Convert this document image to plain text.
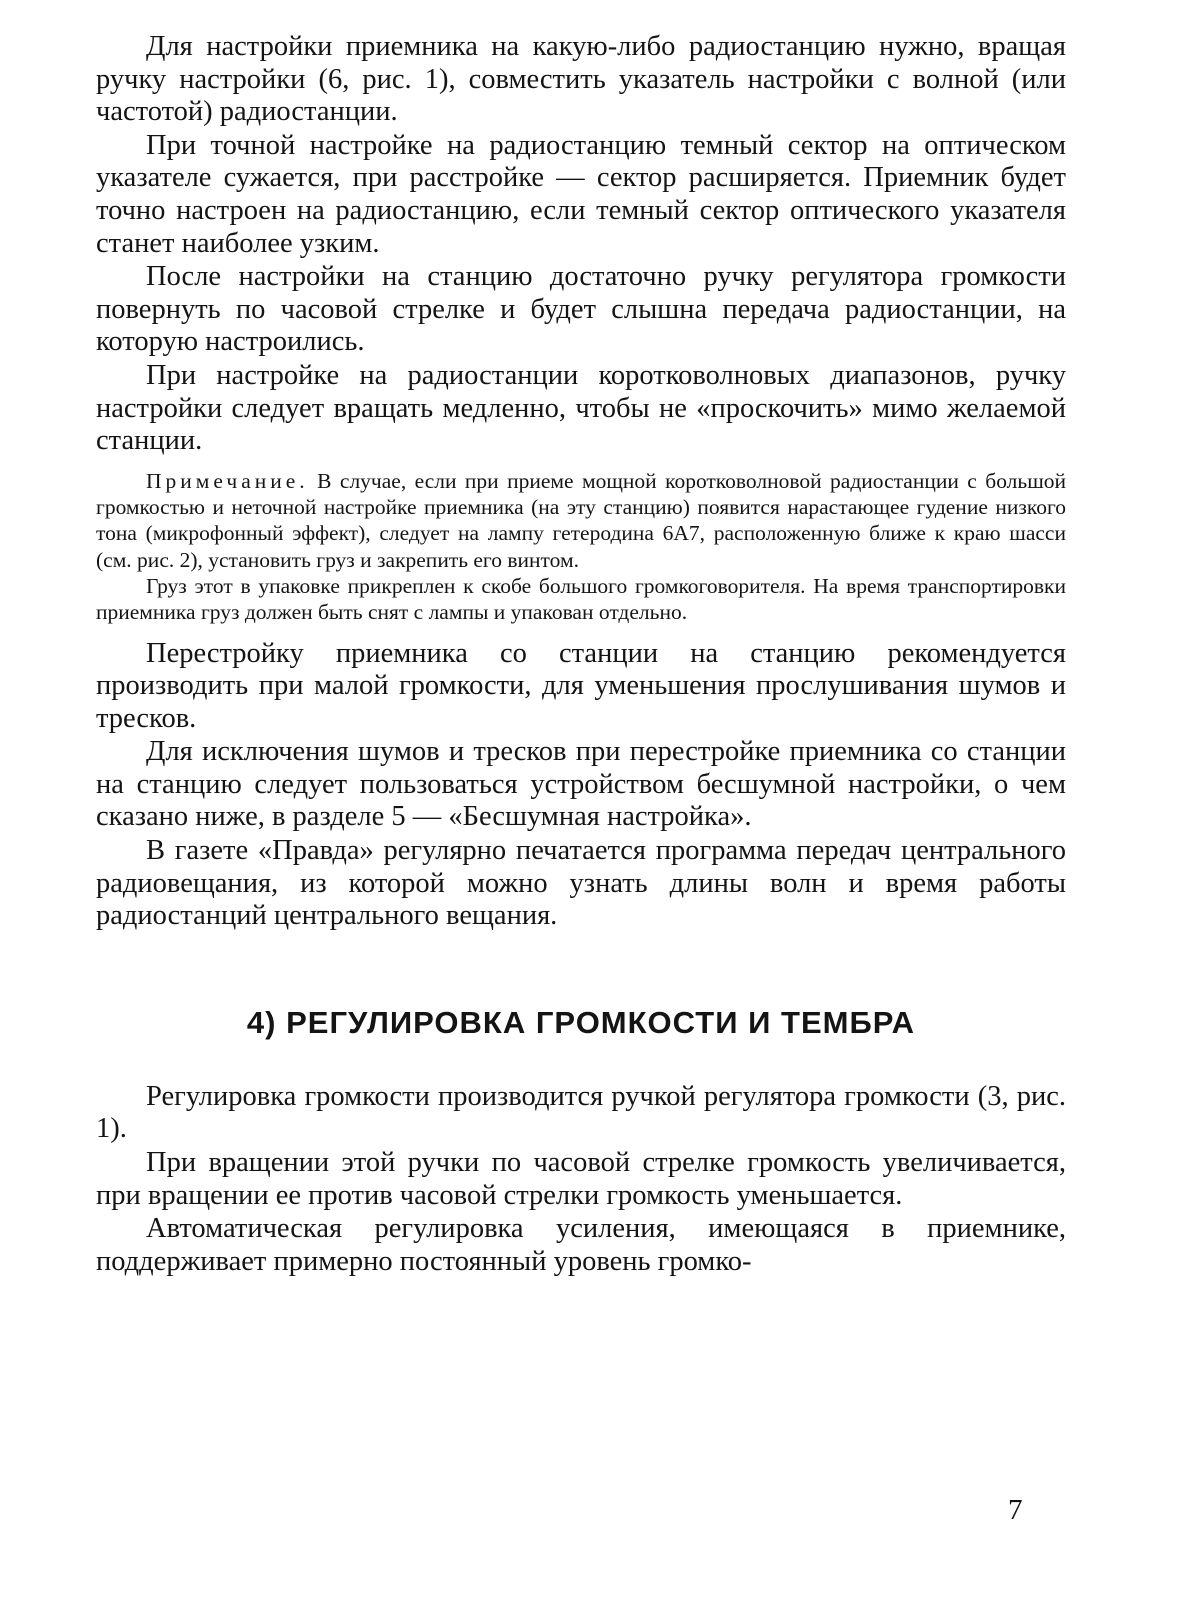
Для настройки приемника на какую-либо радиостанцию нужно, вращая ручку настройки (6, рис. 1), совместить указатель настройки с волной (или частотой) радиостанции.

При точной настройке на радиостанцию темный сектор на оптическом указателе сужается, при расстройке — сектор расширяется. Приемник будет точно настроен на радиостанцию, если темный сектор оптического указателя станет наиболее узким.

После настройки на станцию достаточно ручку регулятора громкости повернуть по часовой стрелке и будет слышна передача радиостанции, на которую настроились.

При настройке на радиостанции коротковолновых диапазонов, ручку настройки следует вращать медленно, чтобы не «проскочить» мимо желаемой станции.

Примечание. В случае, если при приеме мощной коротковолновой радиостанции с большой громкостью и неточной настройке приемника (на эту станцию) появится нарастающее гудение низкого тона (микрофонный эффект), следует на лампу гетеродина 6А7, расположенную ближе к краю шасси (см. рис. 2), установить груз и закрепить его винтом.

Груз этот в упаковке прикреплен к скобе большого громкоговорителя. На время транспортировки приемника груз должен быть снят с лампы и упакован отдельно.

Перестройку приемника со станции на станцию рекомендуется производить при малой громкости, для уменьшения прослушивания шумов и тресков.

Для исключения шумов и тресков при перестройке приемника со станции на станцию следует пользоваться устройством бесшумной настройки, о чем сказано ниже, в разделе 5 — «Бесшумная настройка».

В газете «Правда» регулярно печатается программа передач центрального радиовещания, из которой можно узнать длины волн и время работы радиостанций центрального вещания.

4) РЕГУЛИРОВКА ГРОМКОСТИ И ТЕМБРА

Регулировка громкости производится ручкой регулятора громкости (3, рис. 1).

При вращении этой ручки по часовой стрелке громкость увеличивается, при вращении ее против часовой стрелки громкость уменьшается.

Автоматическая регулировка усиления, имеющаяся в приемнике, поддерживает примерно постоянный уровень громко-

7
